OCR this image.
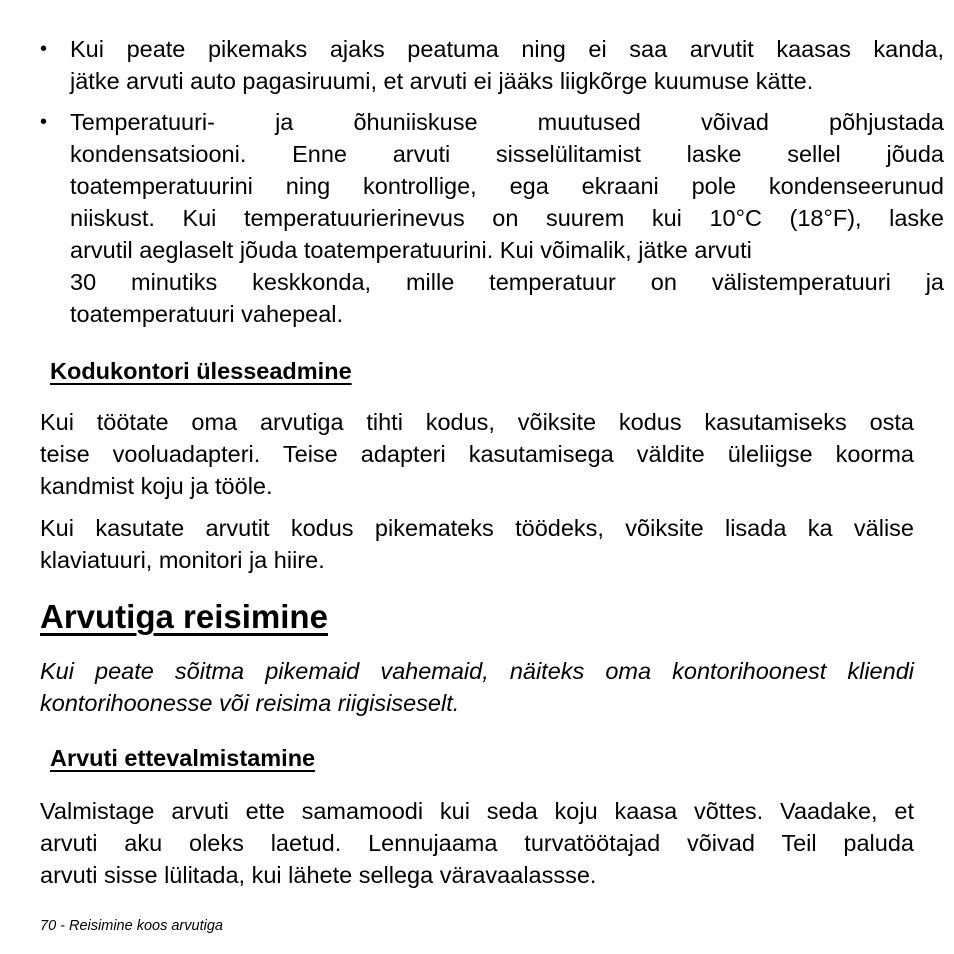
• Kui peate pikemaks ajaks peatuma ning ei saa arvutit kaasas kanda,
jätke arvuti auto pagasiruumi, et arvuti ei jääks liigkõrge kuumuse kätte.
• Temperatuuri- ja õhuniiskuse muutused võivad põhjustada
kondensatsiooni. Enne arvuti sisselülitamist laske sellel jõuda
toatemperatuurini ning kontrollige, ega ekraani pole kondenseerunud
niiskust. Kui temperatuurierinevus on suurem kui 10°C (18°F), laske
arvutil aeglaselt jõuda toatemperatuurini. Kui võimalik, jätke arvuti
30 minutiks keskkonda, mille temperatuur on välistemperatuuri ja
toatemperatuuri vahepeal.
Kodukontori ülesseadmine
Kui töötate oma arvutiga tihti kodus, võiksite kodus kasutamiseks osta
teise vooluadapteri. Teise adapteri kasutamisega väldite üleliigse koorma
kandmist koju ja tööle.
Kui kasutate arvutit kodus pikemateks töödeks, võiksite lisada ka välise
klaviatuuri, monitori ja hiire.
Arvutiga reisimine
Kui peate sõitma pikemaid vahemaid, näiteks oma kontorihoonest kliendi
kontorihoonesse või reisima riigisiseselt.
Arvuti ettevalmistamine
Valmistage arvuti ette samamoodi kui seda koju kaasa võttes. Vaadake, et
arvuti aku oleks laetud. Lennujaama turvatöötajad võivad Teil paluda
arvuti sisse lülitada, kui lähete sellega väravaalassse.
70 - Reisimine koos arvutiga
